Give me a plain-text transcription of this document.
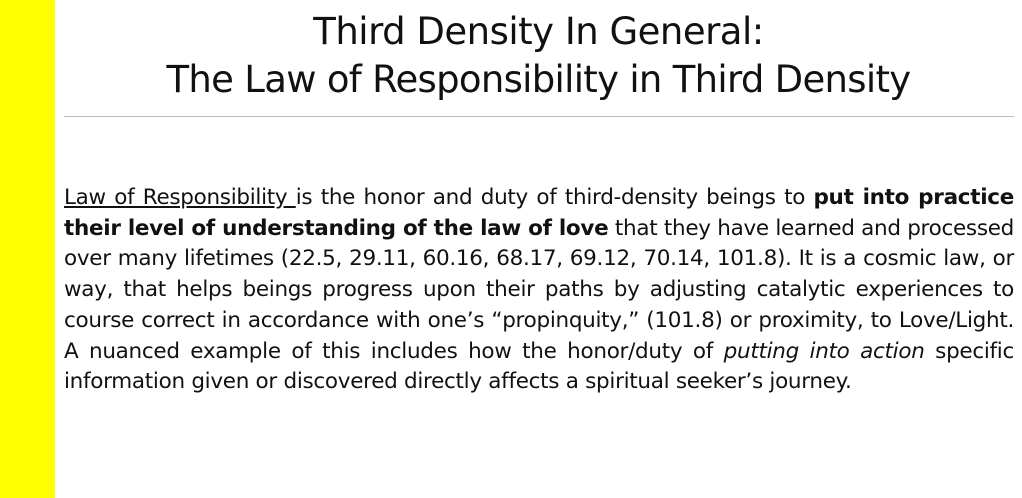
Third Density In General:
The Law of Responsibility in Third Density
Law of Responsibility is the honor and duty of third-density beings to put into practice their level of understanding of the law of love that they have learned and processed over many lifetimes (22.5, 29.11, 60.16, 68.17, 69.12, 70.14, 101.8). It is a cosmic law, or way, that helps beings progress upon their paths by adjusting catalytic experiences to course correct in accordance with one’s “propinquity,” (101.8) or proximity, to Love/Light. A nuanced example of this includes how the honor/duty of putting into action specific information given or discovered directly affects a spiritual seeker’s journey.
